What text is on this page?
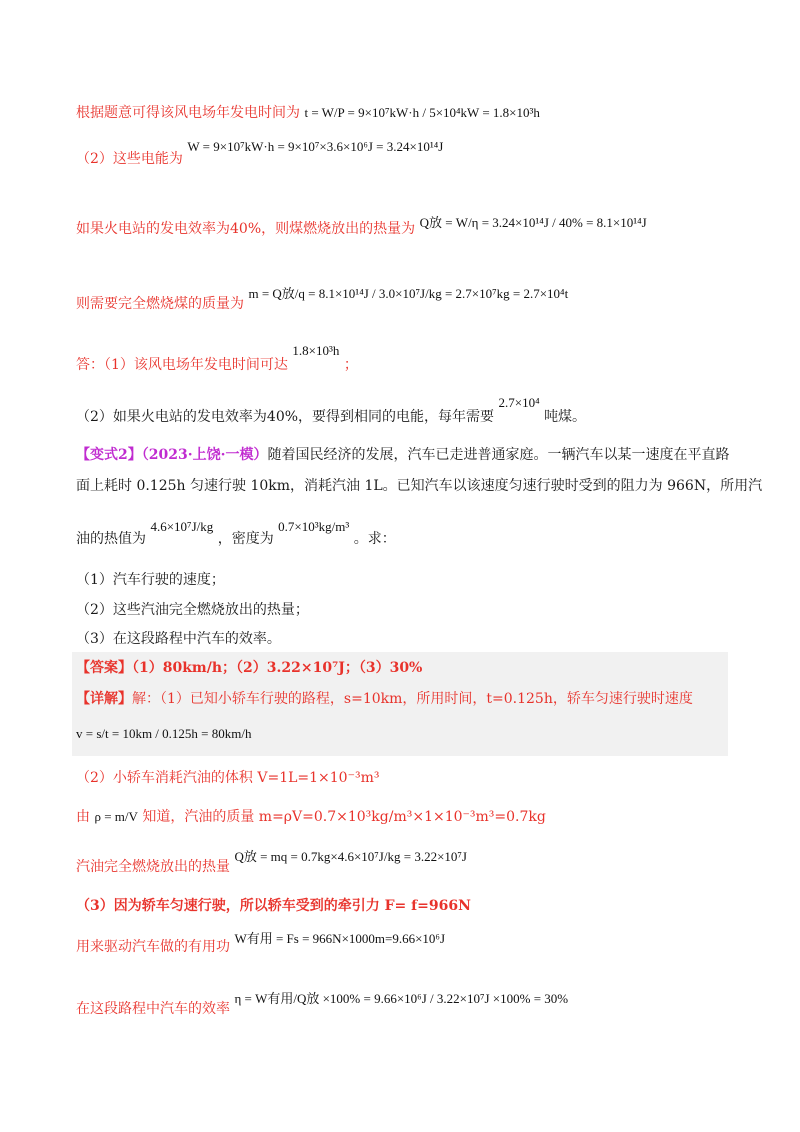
根据题意可得该风电场年发电时间为 t = W/P = 9×10⁷kW·h / 5×10⁴kW = 1.8×10³h
（2）这些电能为 W = 9×10⁷kW·h = 9×10⁷×3.6×10⁶J = 3.24×10¹⁴J
如果火电站的发电效率为40%，则煤燃烧放出的热量为 Q放 = W/η = 3.24×10¹⁴J / 40% = 8.1×10¹⁴J
则需要完全燃烧煤的质量为 m = Q放/q = 8.1×10¹⁴J / 3.0×10⁷J/kg = 2.7×10⁷kg = 2.7×10⁴t
答：（1）该风电场年发电时间可达 1.8×10³h ；
（2）如果火电站的发电效率为40%，要得到相同的电能，每年需要 2.7×10⁴ 吨煤。
【变式2】（2023·上饶·一模）随着国民经济的发展，汽车已走进普通家庭。一辆汽车以某一速度在平直路
面上耗时 0.125h 匀速行驶 10km，消耗汽油 1L。已知汽车以该速度匀速行驶时受到的阻力为 966N，所用汽
油的热值为 4.6×10⁷J/kg ，密度为 0.7×10³kg/m³ 。求：
（1）汽车行驶的速度；
（2）这些汽油完全燃烧放出的热量；
（3）在这段路程中汽车的效率。
【答案】（1）80km/h；（2）3.22×10⁷J；（3）30%
【详解】解：（1）已知小轿车行驶的路程，s=10km，所用时间，t=0.125h，轿车匀速行驶时速度
v = s/t = 10km / 0.125h = 80km/h
（2）小轿车消耗汽油的体积 V=1L=1×10⁻³m³
由 ρ = m/V 知道，汽油的质量 m=ρV=0.7×10³kg/m³×1×10⁻³m³=0.7kg
汽油完全燃烧放出的热量 Q放 = mq = 0.7kg×4.6×10⁷J/kg = 3.22×10⁷J
（3）因为轿车匀速行驶，所以轿车受到的牵引力 F= f=966N
用来驱动汽车做的有用功 W有用 = Fs = 966N×1000m=9.66×10⁶J
在这段路程中汽车的效率 η = W有用/Q放 ×100% = 9.66×10⁶J / 3.22×10⁷J ×100% = 30%
